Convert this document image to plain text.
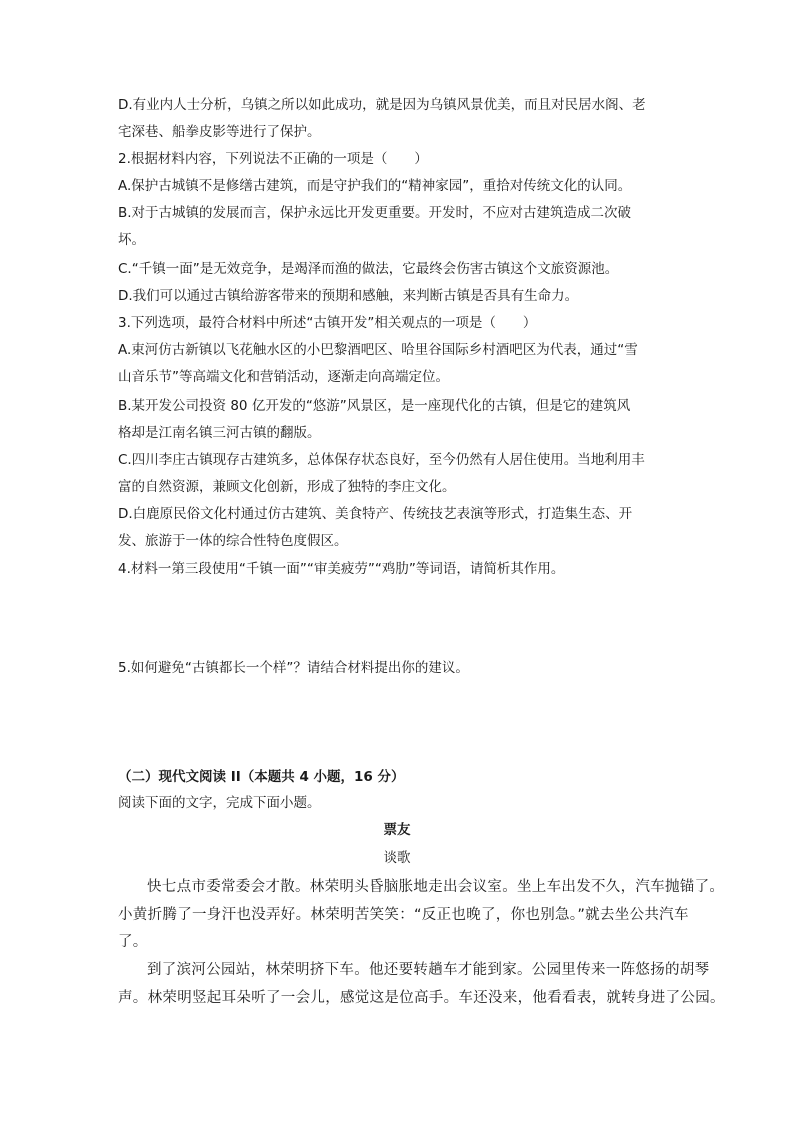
D.有业内人士分析，乌镇之所以如此成功，就是因为乌镇风景优美，而且对民居水阁、老
宅深巷、船拳皮影等进行了保护。
2.根据材料内容，下列说法不正确的一项是（　　）
A.保护古城镇不是修缮古建筑，而是守护我们的“精神家园”，重拾对传统文化的认同。
B.对于古城镇的发展而言，保护永远比开发更重要。开发时，不应对古建筑造成二次破
坏。
C.“千镇一面”是无效竞争，是竭泽而渔的做法，它最终会伤害古镇这个文旅资源池。
D.我们可以通过古镇给游客带来的预期和感触，来判断古镇是否具有生命力。
3.下列选项，最符合材料中所述“古镇开发”相关观点的一项是（　　）
A.束河仿古新镇以飞花触水区的小巴黎酒吧区、哈里谷国际乡村酒吧区为代表，通过“雪
山音乐节”等高端文化和营销活动，逐渐走向高端定位。
B.某开发公司投资 80 亿开发的“悠游”风景区，是一座现代化的古镇，但是它的建筑风
格却是江南名镇三河古镇的翻版。
C.四川李庄古镇现存古建筑多，总体保存状态良好，至今仍然有人居住使用。当地利用丰
富的自然资源，兼顾文化创新，形成了独特的李庄文化。
D.白鹿原民俗文化村通过仿古建筑、美食特产、传统技艺表演等形式，打造集生态、开
发、旅游于一体的综合性特色度假区。
4.材料一第三段使用“千镇一面”“审美疲劳”“鸡肋”等词语，请简析其作用。
5.如何避免“古镇都长一个样”？请结合材料提出你的建议。
（二）现代文阅读 II（本题共 4 小题，16 分）
阅读下面的文字，完成下面小题。
票友
谈歌
快七点市委常委会才散。林荣明头昏脑胀地走出会议室。坐上车出发不久，汽车抛锚了。
小黄折腾了一身汗也没弄好。林荣明苦笑笑：“反正也晚了，你也别急。”就去坐公共汽车
了。
到了滨河公园站，林荣明挤下车。他还要转趟车才能到家。公园里传来一阵悠扬的胡琴
声。林荣明竖起耳朵听了一会儿，感觉这是位高手。车还没来，他看看表，就转身进了公园。
